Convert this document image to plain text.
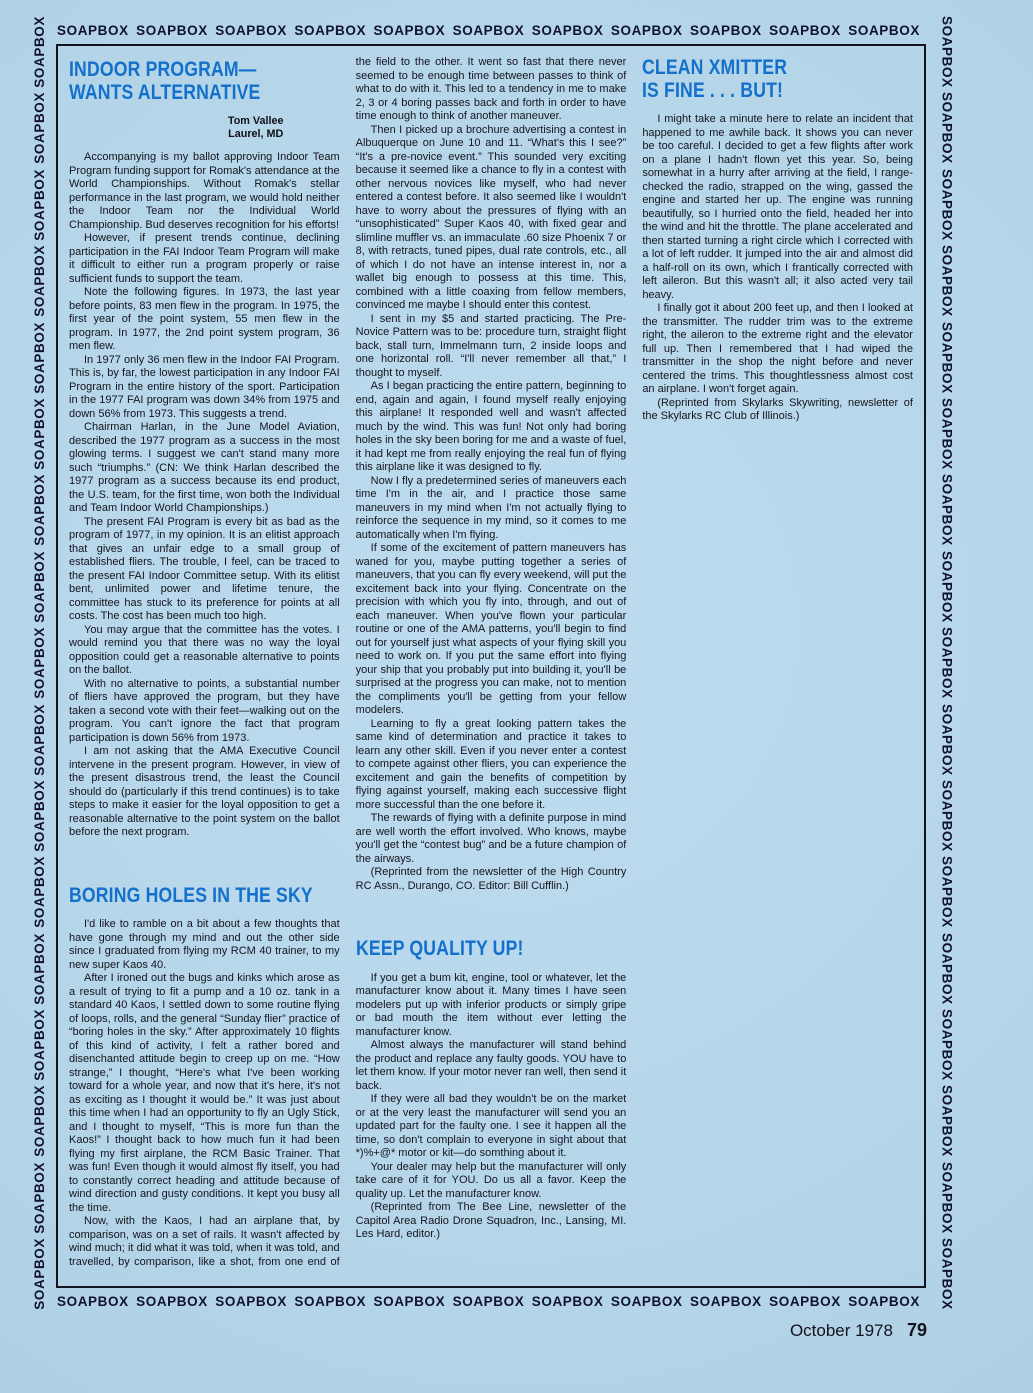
SOAPBOX SOAPBOX SOAPBOX SOAPBOX SOAPBOX SOAPBOX SOAPBOX SOAPBOX SOAPBOX SOAPBOX SOAPBOX
SOAPBOX
SOAPBOX
SOAPBOX
SOAPBOX
SOAPBOX
SOAPBOX
SOAPBOX
SOAPBOX
SOAPBOX
SOAPBOX
SOAPBOX
SOAPBOX
SOAPBOX
SOAPBOX
SOAPBOX
SOAPBOX
SOAPBOX
SOAPBOX
SOAPBOX
SOAPBOX
SOAPBOX
SOAPBOX
SOAPBOX
SOAPBOX
SOAPBOX
SOAPBOX
SOAPBOX
SOAPBOX
SOAPBOX
SOAPBOX
SOAPBOX
SOAPBOX
SOAPBOX
SOAPBOX
SOAPBOX SOAPBOX SOAPBOX SOAPBOX SOAPBOX SOAPBOX SOAPBOX SOAPBOX SOAPBOX SOAPBOX SOAPBOX
INDOOR PROGRAM—
WANTS ALTERNATIVE
Tom Vallee
Laurel, MD

Accompanying is my ballot approving Indoor Team Program funding support for Romak's attendance at the World Championships. Without Romak's stellar performance in the last program, we would hold neither the Indoor Team nor the Individual World Championship. Bud deserves recognition for his efforts!

However, if present trends continue, declining participation in the FAI Indoor Team Program will make it difficult to either run a program properly or raise sufficient funds to support the team.

Note the following figures. In 1973, the last year before points, 83 men flew in the program. In 1975, the first year of the point system, 55 men flew in the program. In 1977, the 2nd point system program, 36 men flew.

In 1977 only 36 men flew in the Indoor FAI Program. This is, by far, the lowest participation in any Indoor FAI Program in the entire history of the sport. Participation in the 1977 FAI program was down 34% from 1975 and down 56% from 1973. This suggests a trend.

Chairman Harlan, in the June Model Aviation, described the 1977 program as a success in the most glowing terms. I suggest we can't stand many more such “triumphs.” (CN: We think Harlan described the 1977 program as a success because its end product, the U.S. team, for the first time, won both the Individual and Team Indoor World Championships.)

The present FAI Program is every bit as bad as the program of 1977, in my opinion. It is an elitist approach that gives an unfair edge to a small group of established fliers. The trouble, I feel, can be traced to the present FAI Indoor Committee setup. With its elitist bent, unlimited power and lifetime tenure, the committee has stuck to its preference for points at all costs. The cost has been much too high.

You may argue that the committee has the votes. I would remind you that there was no way the loyal opposition could get a reasonable alternative to points on the ballot.

With no alternative to points, a substantial number of fliers have approved the program, but they have taken a second vote with their feet—walking out on the program. You can't ignore the fact that program participation is down 56% from 1973.

I am not asking that the AMA Executive Council intervene in the present program. However, in view of the present disastrous trend, the least the Council should do (particularly if this trend continues) is to take steps to make it easier for the loyal opposition to get a reasonable alternative to the point system on the ballot before the next program.

BORING HOLES IN THE SKY

I'd like to ramble on a bit about a few thoughts that have gone through my mind and out the other side since I graduated from flying my RCM 40 trainer, to my new super Kaos 40.

After I ironed out the bugs and kinks which arose as a result of trying to fit a pump and a 10 oz. tank in a standard 40 Kaos, I settled down to some routine flying of loops, rolls, and the general “Sunday flier” practice of “boring holes in the sky.” After approximately 10 flights of this kind of activity, I felt a rather bored and disenchanted attitude begin to creep up on me. “How strange,” I thought, “Here's what I've been working toward for a whole year, and now that it's here, it's not as exciting as I thought it would be.” It was just about this time when I had an opportunity to fly an Ugly Stick, and I thought to myself, “This is more fun than the Kaos!” I thought back to how much fun it had been flying my first airplane, the RCM Basic Trainer. That was fun! Even though it would almost fly itself, you had to constantly correct heading and attitude because of wind direction and gusty conditions. It kept you busy all the time.

Now, with the Kaos, I had an airplane that, by comparison, was on a set of rails. It wasn't affected by wind much; it did what it was told, when it was told, and travelled, by comparison, like a shot, from one end of the field to the other. It went so fast that there never seemed to be enough time between passes to think of what to do with it. This led to a tendency in me to make 2, 3 or 4 boring passes back and forth in order to have time enough to think of another maneuver.

Then I picked up a brochure advertising a contest in Albuquerque on June 10 and 11. “What's this I see?” “It's a pre-novice event.” This sounded very exciting because it seemed like a chance to fly in a contest with other nervous novices like myself, who had never entered a contest before. It also seemed like I wouldn't have to worry about the pressures of flying with an “unsophisticated” Super Kaos 40, with fixed gear and slimline muffler vs. an immaculate .60 size Phoenix 7 or 8, with retracts, tuned pipes, dual rate controls, etc., all of which I do not have an intense interest in, nor a wallet big enough to possess at this time. This, combined with a little coaxing from fellow members, convinced me maybe I should enter this contest.

I sent in my $5 and started practicing. The Pre-Novice Pattern was to be: procedure turn, straight flight back, stall turn, Immelmann turn, 2 inside loops and one horizontal roll. “I'll never remember all that,” I thought to myself.

As I began practicing the entire pattern, beginning to end, again and again, I found myself really enjoying this airplane! It responded well and wasn't affected much by the wind. This was fun! Not only had boring holes in the sky been boring for me and a waste of fuel, it had kept me from really enjoying the real fun of flying this airplane like it was designed to fly.

Now I fly a predetermined series of maneuvers each time I'm in the air, and I practice those same maneuvers in my mind when I'm not actually flying to reinforce the sequence in my mind, so it comes to me automatically when I'm flying.

If some of the excitement of pattern maneuvers has waned for you, maybe putting together a series of maneuvers, that you can fly every weekend, will put the excitement back into your flying. Concentrate on the precision with which you fly into, through, and out of each maneuver. When you've flown your particular routine or one of the AMA patterns, you'll begin to find out for yourself just what aspects of your flying skill you need to work on. If you put the same effort into flying your ship that you probably put into building it, you'll be surprised at the progress you can make, not to mention the compliments you'll be getting from your fellow modelers.

Learning to fly a great looking pattern takes the same kind of determination and practice it takes to learn any other skill. Even if you never enter a contest to compete against other fliers, you can experience the excitement and gain the benefits of competition by flying against yourself, making each successive flight more successful than the one before it.

The rewards of flying with a definite purpose in mind are well worth the effort involved. Who knows, maybe you'll get the “contest bug” and be a future champion of the airways.

(Reprinted from the newsletter of the High Country RC Assn., Durango, CO. Editor: Bill Cufflin.)

KEEP QUALITY UP!

If you get a bum kit, engine, tool or whatever, let the manufacturer know about it. Many times I have seen modelers put up with inferior products or simply gripe or bad mouth the item without ever letting the manufacturer know.

Almost always the manufacturer will stand behind the product and replace any faulty goods. YOU have to let them know. If your motor never ran well, then send it back.

If they were all bad they wouldn't be on the market or at the very least the manufacturer will send you an updated part for the faulty one. I see it happen all the time, so don't complain to everyone in sight about that *)%+@* motor or kit—do somthing about it.

Your dealer may help but the manufacturer will only take care of it for YOU. Do us all a favor. Keep the quality up. Let the manufacturer know.

(Reprinted from The Bee Line, newsletter of the Capitol Area Radio Drone Squadron, Inc., Lansing, MI. Les Hard, editor.)

CLEAN XMITTER
IS FINE . . . BUT!

I might take a minute here to relate an incident that happened to me awhile back. It shows you can never be too careful. I decided to get a few flights after work on a plane I hadn't flown yet this year. So, being somewhat in a hurry after arriving at the field, I range-checked the radio, strapped on the wing, gassed the engine and started her up. The engine was running beautifully, so I hurried onto the field, headed her into the wind and hit the throttle. The plane accelerated and then started turning a right circle which I corrected with a lot of left rudder. It jumped into the air and almost did a half-roll on its own, which I frantically corrected with left aileron. But this wasn't all; it also acted very tail heavy.

I finally got it about 200 feet up, and then I looked at the transmitter. The rudder trim was to the extreme right, the aileron to the extreme right and the elevator full up. Then I remembered that I had wiped the transmitter in the shop the night before and never centered the trims. This thoughtlessness almost cost an airplane. I won't forget again.

(Reprinted from Skylarks Skywriting, newsletter of the Skylarks RC Club of Illinois.)

October 1978 79
